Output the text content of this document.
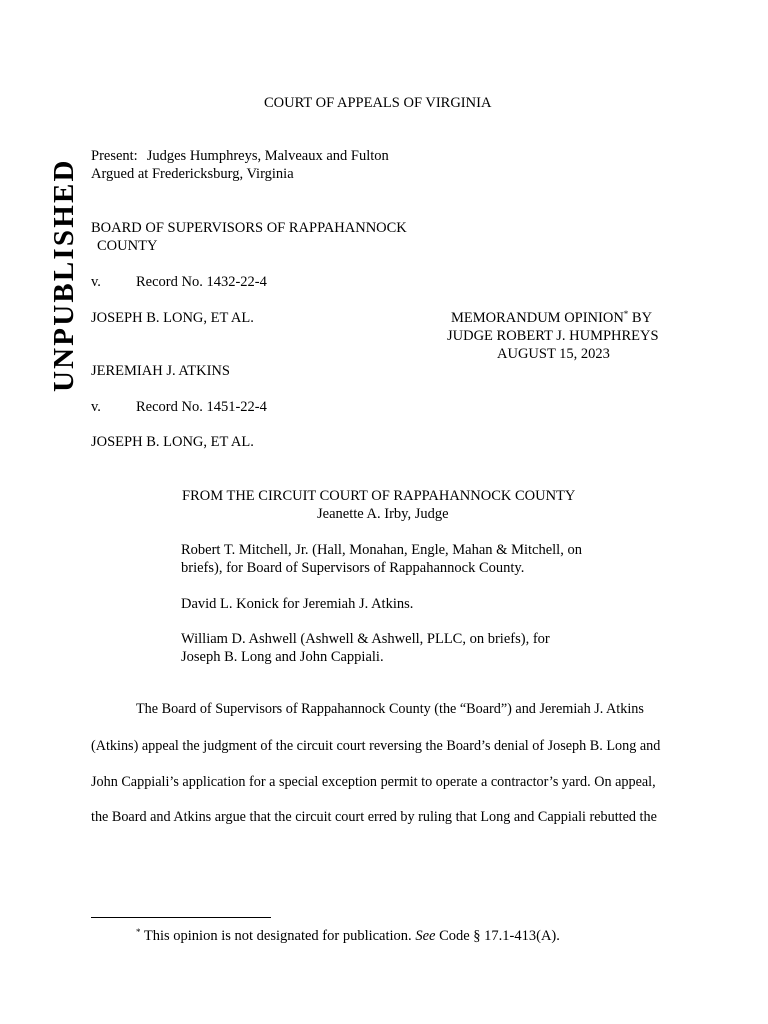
UNPUBLISHED
COURT OF APPEALS OF VIRGINIA
Present: Judges Humphreys, Malveaux and Fulton
Argued at Fredericksburg, Virginia
BOARD OF SUPERVISORS OF RAPPAHANNOCK
COUNTY
v. Record No. 1432-22-4
JOSEPH B. LONG, ET AL.	MEMORANDUM OPINION* BY
JUDGE ROBERT J. HUMPHREYS
AUGUST 15, 2023
JEREMIAH J. ATKINS
v. Record No. 1451-22-4
JOSEPH B. LONG, ET AL.
FROM THE CIRCUIT COURT OF RAPPAHANNOCK COUNTY
Jeanette A. Irby, Judge
Robert T. Mitchell, Jr. (Hall, Monahan, Engle, Mahan & Mitchell, on
briefs), for Board of Supervisors of Rappahannock County.
David L. Konick for Jeremiah J. Atkins.
William D. Ashwell (Ashwell & Ashwell, PLLC, on briefs), for
Joseph B. Long and John Cappiali.
The Board of Supervisors of Rappahannock County (the “Board”) and Jeremiah J. Atkins
(Atkins) appeal the judgment of the circuit court reversing the Board’s denial of Joseph B. Long and
John Cappiali’s application for a special exception permit to operate a contractor’s yard. On appeal,
the Board and Atkins argue that the circuit court erred by ruling that Long and Cappiali rebutted the
* This opinion is not designated for publication. See Code § 17.1-413(A).
